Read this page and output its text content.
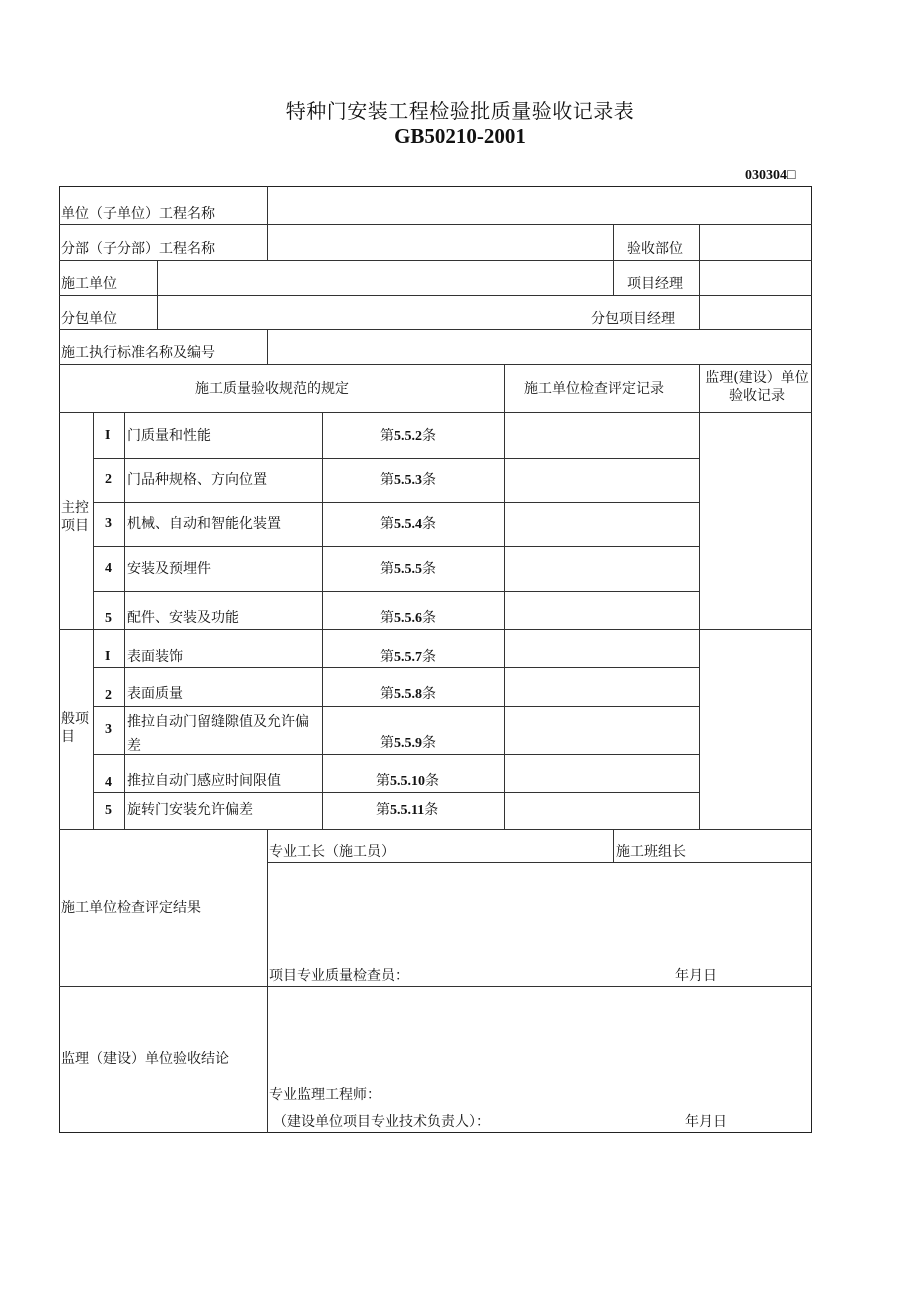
特种门安装工程检验批质量验收记录表
GB50210-2001
030304□
单位（子单位）工程名称
分部（子分部）工程名称	验收部位
施工单位	项目经理
分包单位	分包项目经理
施工执行标准名称及编号
施工质量验收规范的规定	施工单位检查评定记录
监理(建设）单位验收记录
主控项目
I 门质量和性能	第5.5.2条
2 门品种规格、方向位置	第5.5.3条
3 机械、自动和智能化装置	第5.5.4条
4 安装及预埋件	第5.5.5条
5 配件、安装及功能	第5.5.6条
般项目
I 表面装饰	第5.5.7条
2 表面质量	第5.5.8条
3 推拉自动门留缝隙值及允许偏差	第5.5.9条
4 推拉自动门感应时间限值	第5.5.10条
5 旋转门安装允许偏差	第5.5.11条
专业工长（施工员）	施工班组长
施工单位检查评定结果
项目专业质量检查员：	年月日
监理（建设）单位验收结论
专业监理工程师：
（建设单位项目专业技术负责人）：	年月日
